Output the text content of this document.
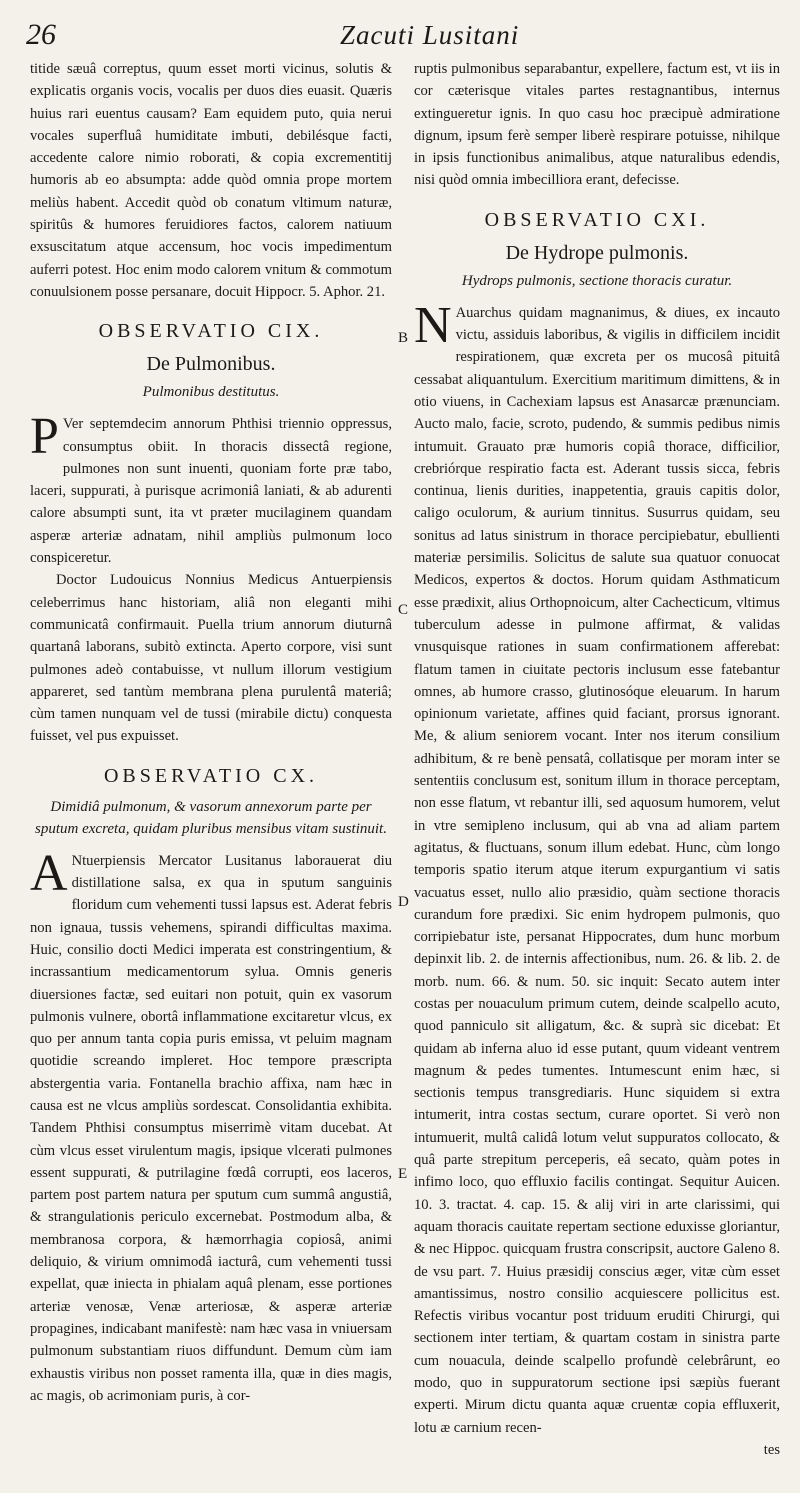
26	Zacuti Lusitani
B
C
D
E

titide sæuâ correptus, quum esset morti vicinus, solutis & explicatis organis vocis, vocalis per duos dies euasit. Quæris huius rari euentus causam? Eam equidem puto, quia nerui vocales superfluâ humiditate imbuti, debilésque facti, accedente calore nimio roborati, & copia excrementitij humoris ab eo absumpta: adde quòd omnia prope mortem meliùs habent. Accedit quòd ob conatum vltimum naturæ, spiritûs & humores feruidiores factos, calorem natiuum exsuscitatum atque accensum, hoc vocis impedimentum auferri potest. Hoc enim modo calorem vnitum & commotum conuulsionem posse persanare, docuit Hippocr. 5. Aphor. 21.

OBSERVATIO CIX.
De Pulmonibus.
Pulmonibus destitutus.

P Ver septemdecim annorum Phthisi triennio oppressus, consumptus obiit. In thoracis dissectâ regione, pulmones non sunt inuenti, quoniam forte præ tabo, laceri, suppurati, à purisque acrimoniâ laniati, & ab adurenti calore absumpti sunt, ita vt præter mucilaginem quandam asperæ arteriæ adnatam, nihil ampliùs pulmonum loco conspiceretur.

Doctor Ludouicus Nonnius Medicus Antuerpiensis celeberrimus hanc historiam, aliâ non eleganti mihi communicatâ confirmauit. Puella trium annorum diuturnâ quartanâ laborans, subitò extincta. Aperto corpore, visi sunt pulmones adeò contabuisse, vt nullum illorum vestigium appareret, sed tantùm membrana plena purulentâ materiâ; cùm tamen nunquam vel de tussi (mirabile dictu) conquesta fuisset, vel pus expuisset.

OBSERVATIO CX.
Dimidiâ pulmonum, & vasorum annexorum parte per sputum excreta, quidam pluribus mensibus vitam sustinuit.

A Ntuerpiensis Mercator Lusitanus laborauerat diu distillatione salsa, ex qua in sputum sanguinis floridum cum vehementi tussi lapsus est. Aderat febris non ignaua, tussis vehemens, spirandi difficultas maxima. Huic, consilio docti Medici imperata est constringentium, & incrassantium medicamentorum sylua. Omnis generis diuersiones factæ, sed euitari non potuit, quin ex vasorum pulmonis vulnere, obortâ inflammatione excitaretur vlcus, ex quo per annum tanta copia puris emissa, vt peluim magnam quotidie screando impleret. Hoc tempore præscripta abstergentia varia. Fontanella brachio affixa, nam hæc in causa est ne vlcus ampliùs sordescat. Consolidantia exhibita. Tandem Phthisi consumptus miserrimè vitam ducebat. At cùm vlcus esset virulentum magis, ipsique vlcerati pulmones essent suppurati, & putrilagine fœdâ corrupti, eos laceros, partem post partem natura per sputum cum summâ angustiâ, & strangulationis periculo excernebat. Postmodum alba, & membranosa corpora, & hæmorrhagia copiosâ, animi deliquio, & virium omnimodâ iacturâ, cum vehementi tussi expellat, quæ iniecta in phialam aquâ plenam, esse portiones arteriæ venosæ, Venæ arteriosæ, & asperæ arteriæ propagines, indicabant manifestè: nam hæc vasa in vniuersam pulmonum substantiam riuos diffundunt. Demum cùm iam exhaustis viribus non posset ramenta illa, quæ in dies magis, ac magis, ob acrimoniam puris, à cor-

ruptis pulmonibus separabantur, expellere, factum est, vt iis in cor cæterisque vitales partes restagnantibus, internus extingueretur ignis. In quo casu hoc præcipuè admiratione dignum, ipsum ferè semper liberè respirare potuisse, nihilque in ipsis functionibus animalibus, atque naturalibus edendis, nisi quòd omnia imbecilliora erant, defecisse.

OBSERVATIO CXI.
De Hydrope pulmonis.
Hydrops pulmonis, sectione thoracis curatur.

N Auarchus quidam magnanimus, & diues, ex incauto victu, assiduis laboribus, & vigilis in difficilem incidit respirationem, quæ excreta per os mucosâ pituitâ cessabat aliquantulum. Exercitium maritimum dimittens, & in otio viuens, in Cachexiam lapsus est Anasarcæ prænunciam. Aucto malo, facie, scroto, pudendo, & summis pedibus nimis intumuit. Grauato præ humoris copiâ thorace, difficilior, crebriórque respiratio facta est. Aderant tussis sicca, febris continua, lienis durities, inappetentia, grauis capitis dolor, caligo oculorum, & aurium tinnitus. Susurrus quidam, seu sonitus ad latus sinistrum in thorace percipiebatur, ebullienti materiæ persimilis. Solicitus de salute sua quatuor conuocat Medicos, expertos & doctos. Horum quidam Asthmaticum esse prædixit, alius Orthopnoicum, alter Cachecticum, vltimus tuberculum adesse in pulmone affirmat, & validas vnusquisque rationes in suam confirmationem afferebat: flatum tamen in ciuitate pectoris inclusum esse fatebantur omnes, ab humore crasso, glutinosóque eleuarum. In harum opinionum varietate, affines quid faciant, prorsus ignorant. Me, & alium seniorem vocant. Inter nos iterum consilium adhibitum, & re benè pensatâ, collatisque per moram inter se sententiis conclusum est, sonitum illum in thorace perceptam, non esse flatum, vt rebantur illi, sed aquosum humorem, velut in vtre semipleno inclusum, qui ab vna ad aliam partem agitatus, & fluctuans, sonum illum edebat. Hunc, cùm longo temporis spatio iterum atque iterum expurgantium vi satis vacuatus esset, nullo alio præsidio, quàm sectione thoracis curandum fore prædixi. Sic enim hydropem pulmonis, quo corripiebatur iste, persanat Hippocrates, dum hunc morbum depinxit lib. 2. de internis affectionibus, num. 26. & lib. 2. de morb. num. 66. & num. 50. sic inquit: Secato autem inter costas per nouaculum primum cutem, deinde scalpello acuto, quod panniculo sit alligatum, &c. & suprà sic dicebat: Et quidam ab inferna aluo id esse putant, quum videant ventrem magnum & pedes tumentes. Intumescunt enim hæc, si sectionis tempus transgrediaris. Hunc siquidem si extra intumerit, intra costas sectum, curare oportet. Si verò non intumuerit, multâ calidâ lotum velut suppuratos collocato, & quâ parte strepitum perceperis, eâ secato, quàm potes in infimo loco, quo effluxio facilis contingat. Sequitur Auicen. 10. 3. tractat. 4. cap. 15. & alij viri in arte clarissimi, qui aquam thoracis cauitate repertam sectione eduxisse gloriantur, & nec Hippoc. quicquam frustra conscripsit, auctore Galeno 8. de vsu part. 7. Huius præsidij conscius æger, vitæ cùm esset amantissimus, nostro consilio acquiescere pollicitus est. Refectis viribus vocantur post triduum eruditi Chirurgi, qui sectionem inter tertiam, & quartam costam in sinistra parte cum nouacula, deinde scalpello profundè celebrârunt, eo modo, quo in suppuratorum sectione ipsi sæpiùs fuerant experti. Mirum dictu quanta aquæ cruentæ copia effluxerit, lotu æ carnium recen-

tes
